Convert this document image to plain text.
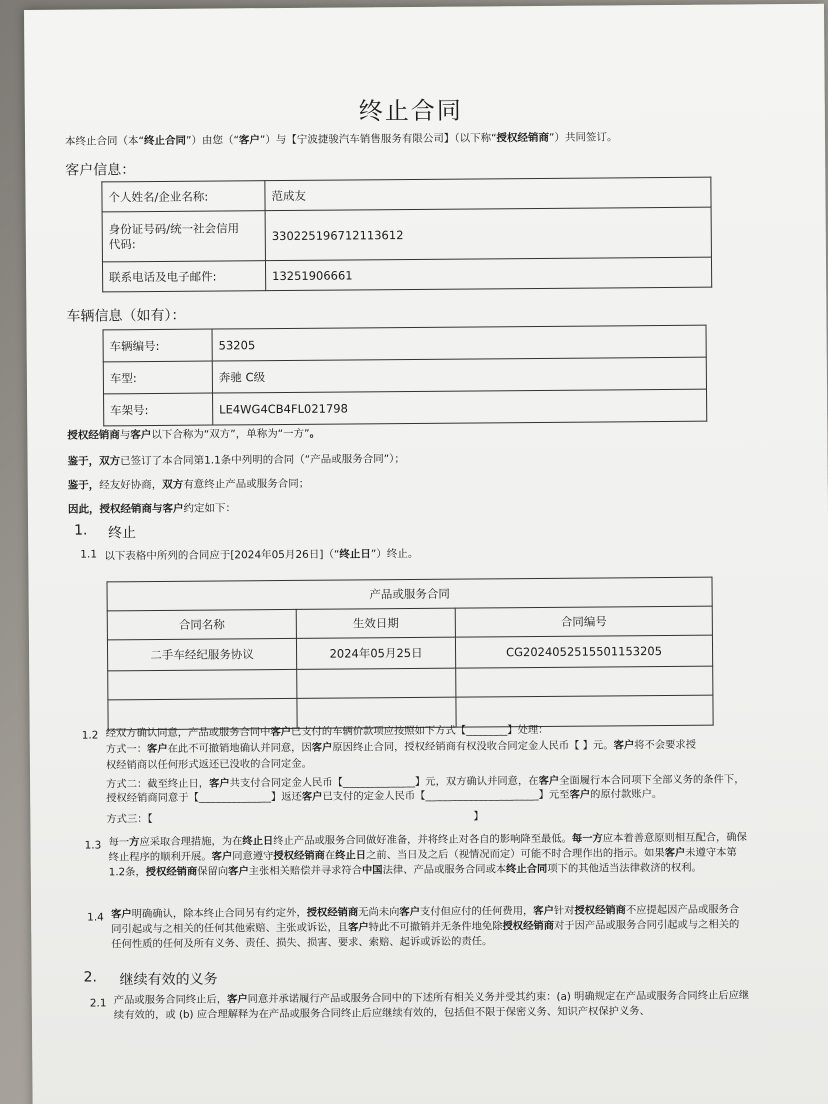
终止合同
本终止合同（本“终止合同”）由您（“客户”）与【宁波捷骏汽车销售服务有限公司】（以下称“授权经销商”）共同签订。
客户信息：
个人姓名/企业名称:	范成友
身份证号码/统一社会信用
代码:	330225196712113612
联系电话及电子邮件:	13251906661
车辆信息（如有）：
车辆编号:	53205
车型:	奔驰 C级
车架号:	LE4WG4CB4FL021798
授权经销商与客户以下合称为“双方”，单称为“一方”。
鉴于，双方已签订了本合同第1.1条中列明的合同（“产品或服务合同”）；
鉴于，经友好协商，双方有意终止产品或服务合同；
因此，授权经销商与客户约定如下：
1. 终止
1.1 以下表格中所列的合同应于[2024年05月26日]（“终止日”）终止。
产品或服务合同		
合同名称	生效日期	合同编号
二手车经纪服务协议	2024年05月25日	CG2024052515501153205

1.2 经双方确认同意，产品或服务合同中客户已支付的车辆价款项应按照如下方式【________】处理：
方式一：客户在此不可撤销地确认并同意，因客户原因终止合同，授权经销商有权没收合同定金人民币【 】元。客户将不会要求授
权经销商以任何形式返还已没收的合同定金。
方式二：截至终止日，客户共支付合同定金人民币【______________】元，双方确认并同意，在客户全面履行本合同项下全部义务的条件下，授权经销商同意于【______________】返还客户已支付的定金人民币【______________________】元至客户的原付款账户。
方式三：【                                                                                                  】
1.3 每一方应采取合理措施，为在终止日终止产品或服务合同做好准备，并将终止对各自的影响降至最低。每一方应本着善意原则相互配合，确保终止程序的顺利开展。客户同意遵守授权经销商在终止日之前、当日及之后（视情况而定）可能不时合理作出的指示。如果客户未遵守本第1.2条，授权经销商保留向客户主张相关赔偿并寻求符合中国法律、产品或服务合同或本终止合同项下的其他适当法律救济的权利。
1.4 客户明确确认，除本终止合同另有约定外，授权经销商无尚未向客户支付但应付的任何费用，客户针对授权经销商不应提起因产品或服务合同引起或与之相关的任何其他索赔、主张或诉讼，且客户特此不可撤销并无条件地免除授权经销商对于因产品或服务合同引起或与之相关的任何性质的任何及所有义务、责任、损失、损害、要求、索赔、起诉或诉讼的责任。
2. 继续有效的义务
2.1 产品或服务合同终止后，客户同意并承诺履行产品或服务合同中的下述所有相关义务并受其约束：(a) 明确规定在产品或服务合同终止后应继续有效的，或 (b) 应合理解释为在产品或服务合同终止后应继续有效的，包括但不限于保密义务、知识产权保护义务、
